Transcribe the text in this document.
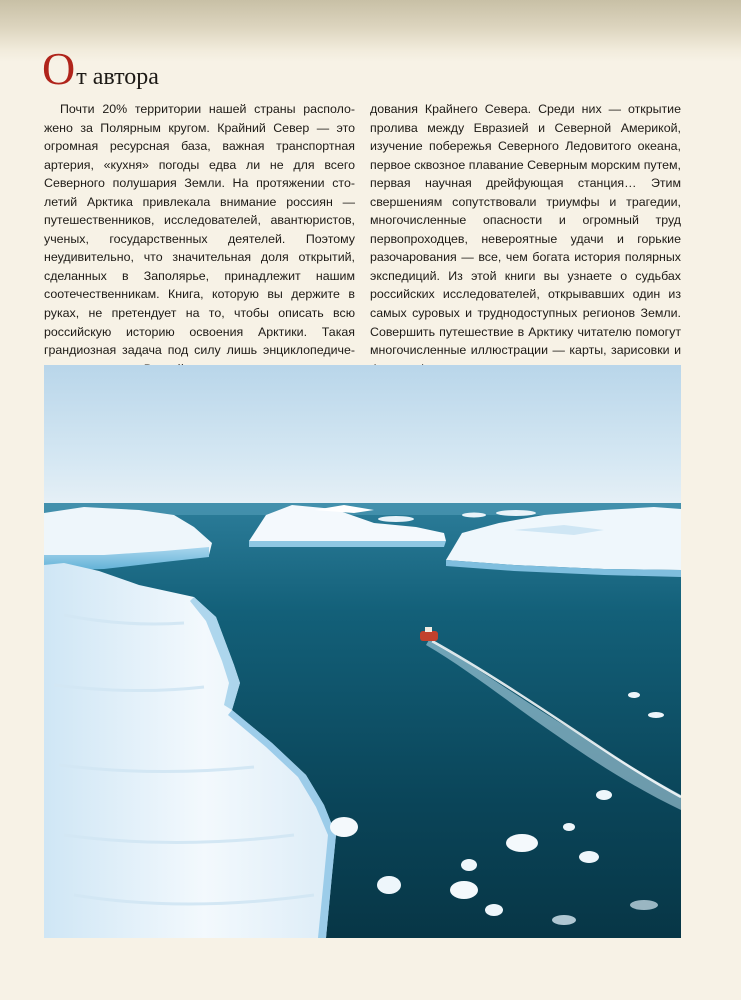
От автора

Почти 20% территории нашей страны расположено за Полярным кругом. Крайний Север — это огромная ресурсная база, важная транспортная артерия, «кухня» погоды едва ли не для всего Северного полушария Земли. На протяжении столетий Арктика привлекала внимание россиян — путешественников, исследователей, авантюристов, ученых, государственных деятелей. Поэтому неудивительно, что значительная доля открытий, сделанных в Заполярье, принадлежит нашим соотечественникам. Книга, которую вы держите в руках, не претендует на то, чтобы описать всю российскую историю освоения Арктики. Такая грандиозная задача под силу лишь энциклопедиче

дования Крайнего Севера. Среди них — открытие пролива между Евразией и Северной Америкой, изучение побережья Северного Ледовитого океана, первое сквозное плавание Северным морским путем, первая научная дрейфующая станция… Этим свершениям сопутствовали триумфы и трагедии, многочисленные опасности и огромный труд первопроходцев, невероятные удачи и горькие разочарования — все, чем богата история полярных экспедиций. Из этой книги вы узнаете о судьбах российских исследователей, открывавших один из самых суровых и труднодоступных регионов Земли. Совершить путешествие в Арктику читателю помогут многочисленные иллюстрации — карты, зарисовки и
